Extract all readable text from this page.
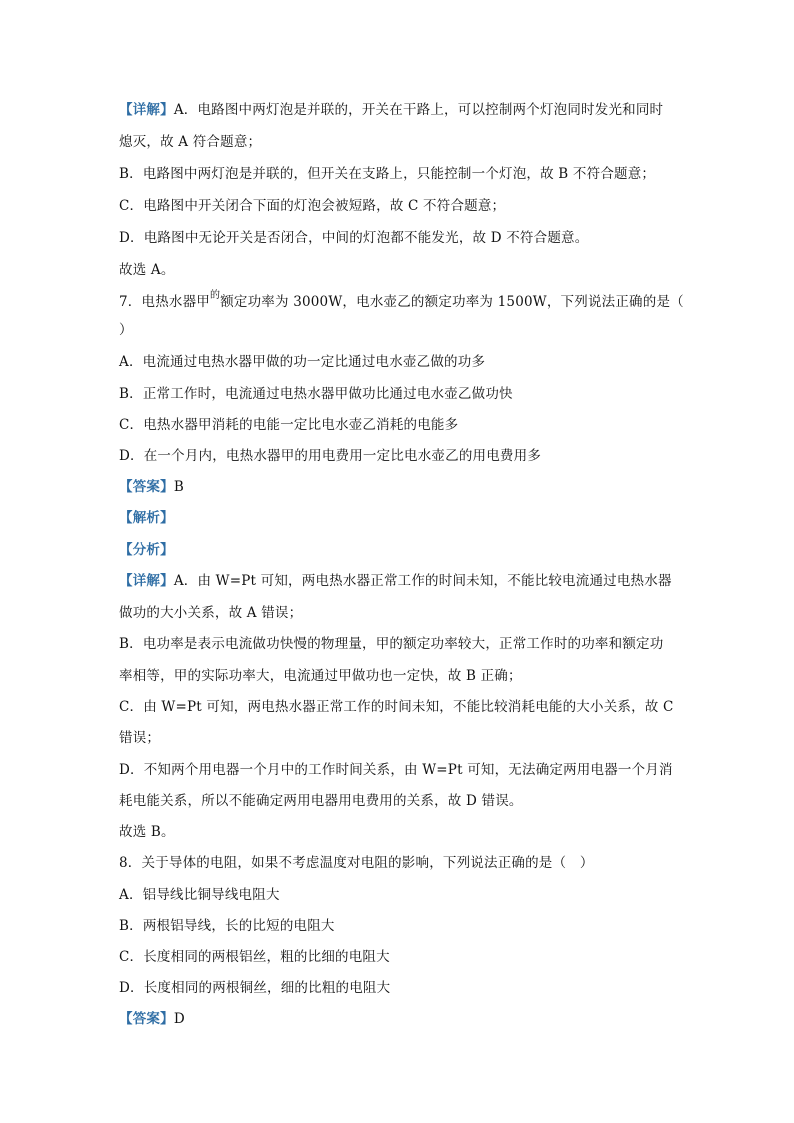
【详解】A．电路图中两灯泡是并联的，开关在干路上，可以控制两个灯泡同时发光和同时
熄灭，故 A 符合题意；
B．电路图中两灯泡是并联的，但开关在支路上，只能控制一个灯泡，故 B 不符合题意；
C．电路图中开关闭合下面的灯泡会被短路，故 C 不符合题意；
D．电路图中无论开关是否闭合，中间的灯泡都不能发光，故 D 不符合题意。
故选 A。
7．电热水器甲$^的$额定功率为 3000W，电水壶乙的额定功率为 1500W，下列说法正确的是（
）
A．电流通过电热水器甲做的功一定比通过电水壶乙做的功多
B．正常工作时，电流通过电热水器甲做功比通过电水壶乙做功快
C．电热水器甲消耗的电能一定比电水壶乙消耗的电能多
D．在一个月内，电热水器甲的用电费用一定比电水壶乙的用电费用多
【答案】B
【解析】
【分析】
【详解】A．由 W=Pt 可知，两电热水器正常工作的时间未知，不能比较电流通过电热水器
做功的大小关系，故 A 错误；
B．电功率是表示电流做功快慢的物理量，甲的额定功率较大，正常工作时的功率和额定功
率相等，甲的实际功率大，电流通过甲做功也一定快，故 B 正确；
C．由 W=Pt 可知，两电热水器正常工作的时间未知，不能比较消耗电能的大小关系，故 C
错误；
D．不知两个用电器一个月中的工作时间关系，由 W=Pt 可知，无法确定两用电器一个月消
耗电能关系，所以不能确定两用电器用电费用的关系，故 D 错误。
故选 B。
8．关于导体的电阻，如果不考虑温度对电阻的影响，下列说法正确的是（　）
A．铝导线比铜导线电阻大
B．两根铝导线，长的比短的电阻大
C．长度相同的两根铝丝，粗的比细的电阻大
D．长度相同的两根铜丝，细的比粗的电阻大
【答案】D
